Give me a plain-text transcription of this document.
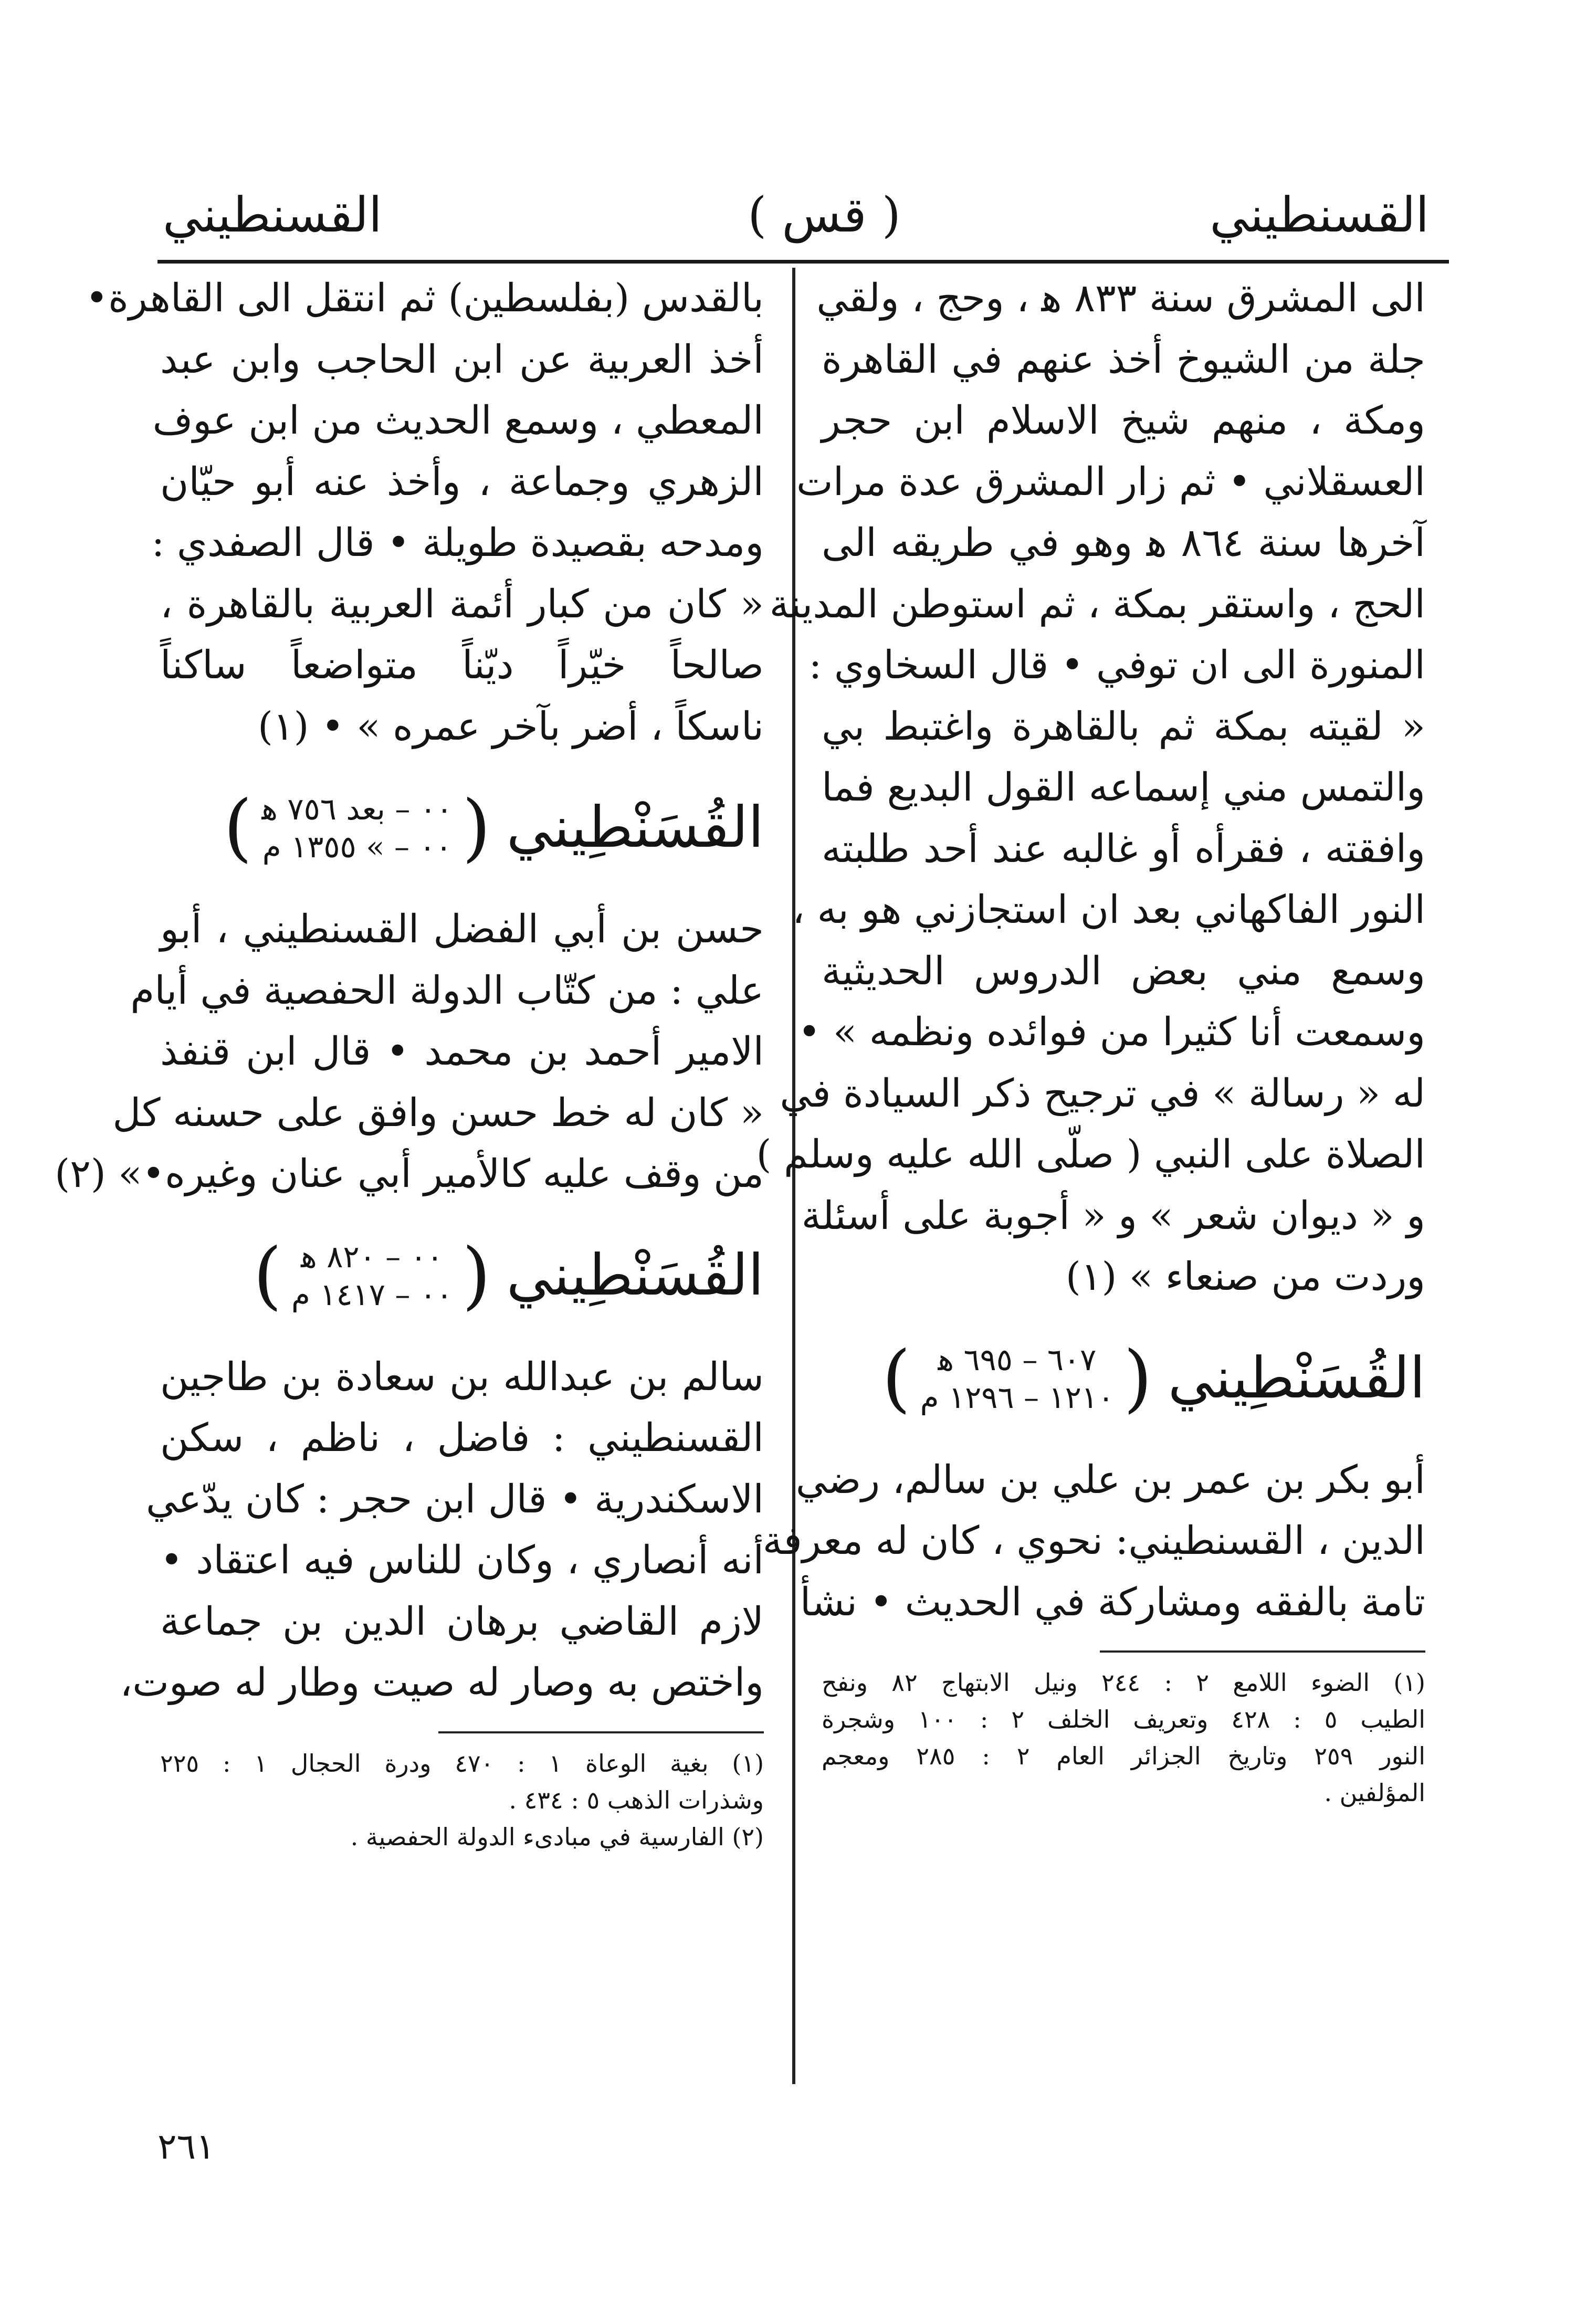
القسنطيني
( قس )
القسنطيني
الى المشرق سنة ٨٣٣ ﻫ ، وحج ، ولقي
جلة من الشيوخ أخذ عنهم في القاهرة
ومكة ، منهم شيخ الاسلام ابن حجر
العسقلاني • ثم زار المشرق عدة مرات
آخرها سنة ٨٦٤ ﻫ وهو في طريقه الى
الحج ، واستقر بمكة ، ثم استوطن المدينة
المنورة الى ان توفي • قال السخاوي :
« لقيته بمكة ثم بالقاهرة واغتبط بي
والتمس مني إسماعه القول البديع فما
وافقته ، فقرأه أو غالبه عند أحد طلبته
النور الفاكهاني بعد ان استجازني هو به ،
وسمع مني بعض الدروس الحديثية
وسمعت أنا كثيرا من فوائده ونظمه » •
له « رسالة » في ترجيح ذكر السيادة في
الصلاة على النبي ( صلّى الله عليه وسلم )
و « ديوان شعر » و « أجوبة على أسئلة
وردت من صنعاء » (١)
القُسَنْطِيني
(
٦٠٧ – ٦٩٥ ﻫ
١٢١٠ – ١٢٩٦ م
)
أبو بكر بن عمر بن علي بن سالم، رضي
الدين ، القسنطيني: نحوي ، كان له معرفة
تامة بالفقه ومشاركة في الحديث • نشأ
(١) الضوء اللامع ٢ : ٢٤٤ ونيل الابتهاج ٨٢ ونفح
الطيب ٥ : ٤٢٨ وتعريف الخلف ٢ : ١٠٠ وشجرة
النور ٢٥٩ وتاريخ الجزائر العام ٢ : ٢٨٥ ومعجم
المؤلفين .
بالقدس (بفلسطين) ثم انتقل الى القاهرة•
أخذ العربية عن ابن الحاجب وابن عبد
المعطي ، وسمع الحديث من ابن عوف
الزهري وجماعة ، وأخذ عنه أبو حيّان
ومدحه بقصيدة طويلة • قال الصفدي :
« كان من كبار أئمة العربية بالقاهرة ،
صالحاً خيّراً ديّناً متواضعاً ساكناً
ناسكاً ، أضر بآخر عمره » • (١)
القُسَنْطِيني
(
٠٠ – بعد ٧٥٦ ﻫ
٠٠ – » ١٣٥٥ م
)
حسن بن أبي الفضل القسنطيني ، أبو
علي : من كتّاب الدولة الحفصية في أيام
الامير أحمد بن محمد • قال ابن قنفذ
« كان له خط حسن وافق على حسنه كل
من وقف عليه كالأمير أبي عنان وغيره•» (٢)
القُسَنْطِيني
(
٠٠ – ٨٢٠ ﻫ
٠٠ – ١٤١٧ م
)
سالم بن عبدالله بن سعادة بن طاجين
القسنطيني : فاضل ، ناظم ، سكن
الاسكندرية • قال ابن حجر : كان يدّعي
أنه أنصاري ، وكان للناس فيه اعتقاد •
لازم القاضي برهان الدين بن جماعة
واختص به وصار له صيت وطار له صوت،
(١) بغية الوعاة ١ : ٤٧٠ ودرة الحجال ١ : ٢٢٥
وشذرات الذهب ٥ : ٤٣٤ .
(٢) الفارسية في مبادىء الدولة الحفصية .
٢٦١
